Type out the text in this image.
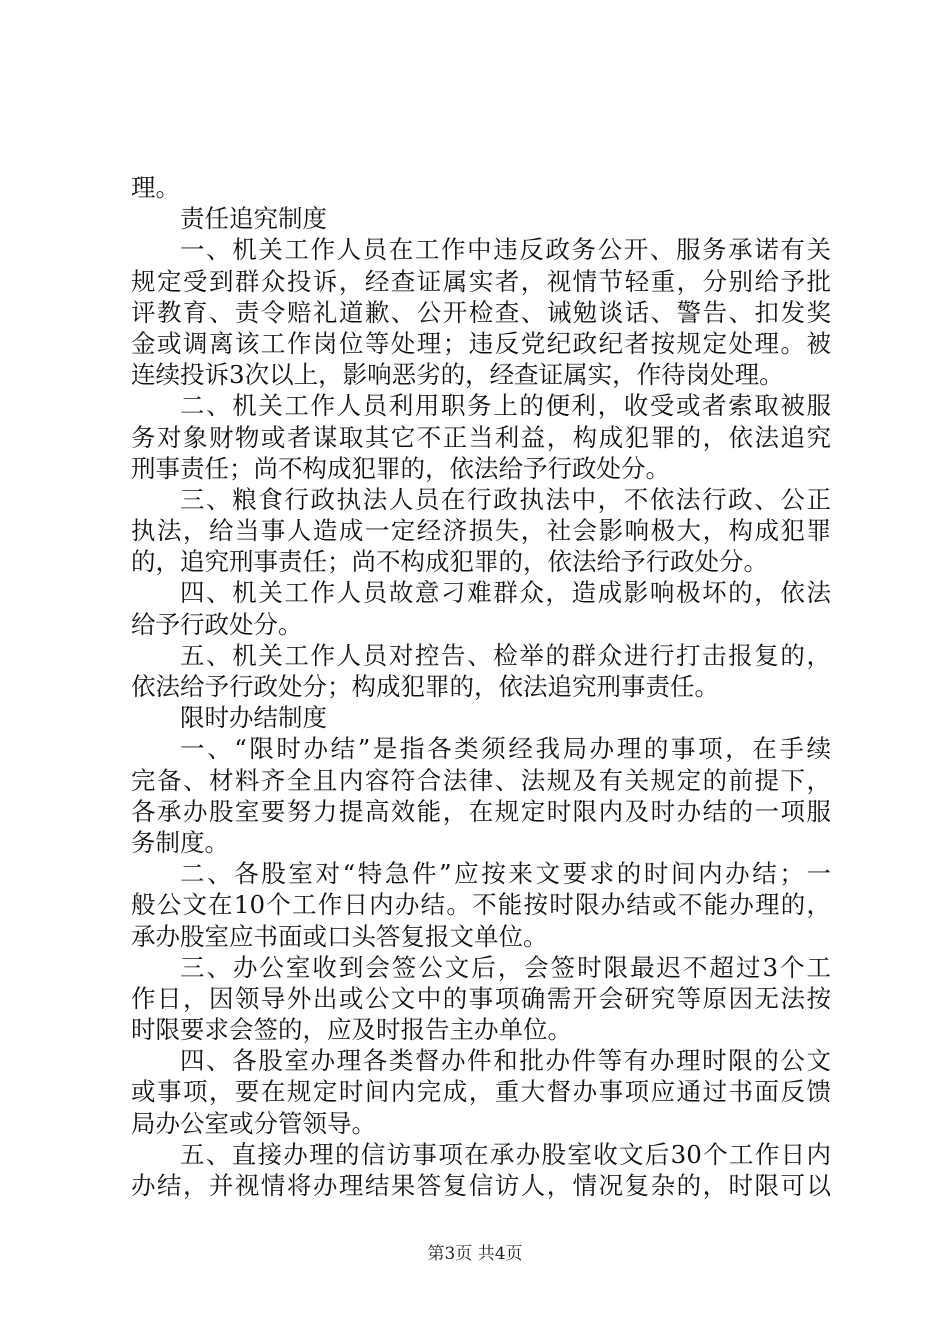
理。
责任追究制度
一、机关工作人员在工作中违反政务公开、服务承诺有关
规定受到群众投诉，经查证属实者，视情节轻重，分别给予批
评教育、责令赔礼道歉、公开检查、诫勉谈话、警告、扣发奖
金或调离该工作岗位等处理；违反党纪政纪者按规定处理。被
连续投诉3次以上，影响恶劣的，经查证属实，作待岗处理。
二、机关工作人员利用职务上的便利，收受或者索取被服
务对象财物或者谋取其它不正当利益，构成犯罪的，依法追究
刑事责任；尚不构成犯罪的，依法给予行政处分。
三、粮食行政执法人员在行政执法中，不依法行政、公正
执法，给当事人造成一定经济损失，社会影响极大，构成犯罪
的，追究刑事责任；尚不构成犯罪的，依法给予行政处分。
四、机关工作人员故意刁难群众，造成影响极坏的，依法
给予行政处分。
五、机关工作人员对控告、检举的群众进行打击报复的，
依法给予行政处分；构成犯罪的，依法追究刑事责任。
限时办结制度
一、“限时办结”是指各类须经我局办理的事项，在手续
完备、材料齐全且内容符合法律、法规及有关规定的前提下，
各承办股室要努力提高效能，在规定时限内及时办结的一项服
务制度。
二、各股室对“特急件”应按来文要求的时间内办结；一
般公文在10个工作日内办结。不能按时限办结或不能办理的，
承办股室应书面或口头答复报文单位。
三、办公室收到会签公文后，会签时限最迟不超过3个工
作日，因领导外出或公文中的事项确需开会研究等原因无法按
时限要求会签的，应及时报告主办单位。
四、各股室办理各类督办件和批办件等有办理时限的公文
或事项，要在规定时间内完成，重大督办事项应通过书面反馈
局办公室或分管领导。
五、直接办理的信访事项在承办股室收文后30个工作日内
办结，并视情将办理结果答复信访人，情况复杂的，时限可以
第3页 共4页
